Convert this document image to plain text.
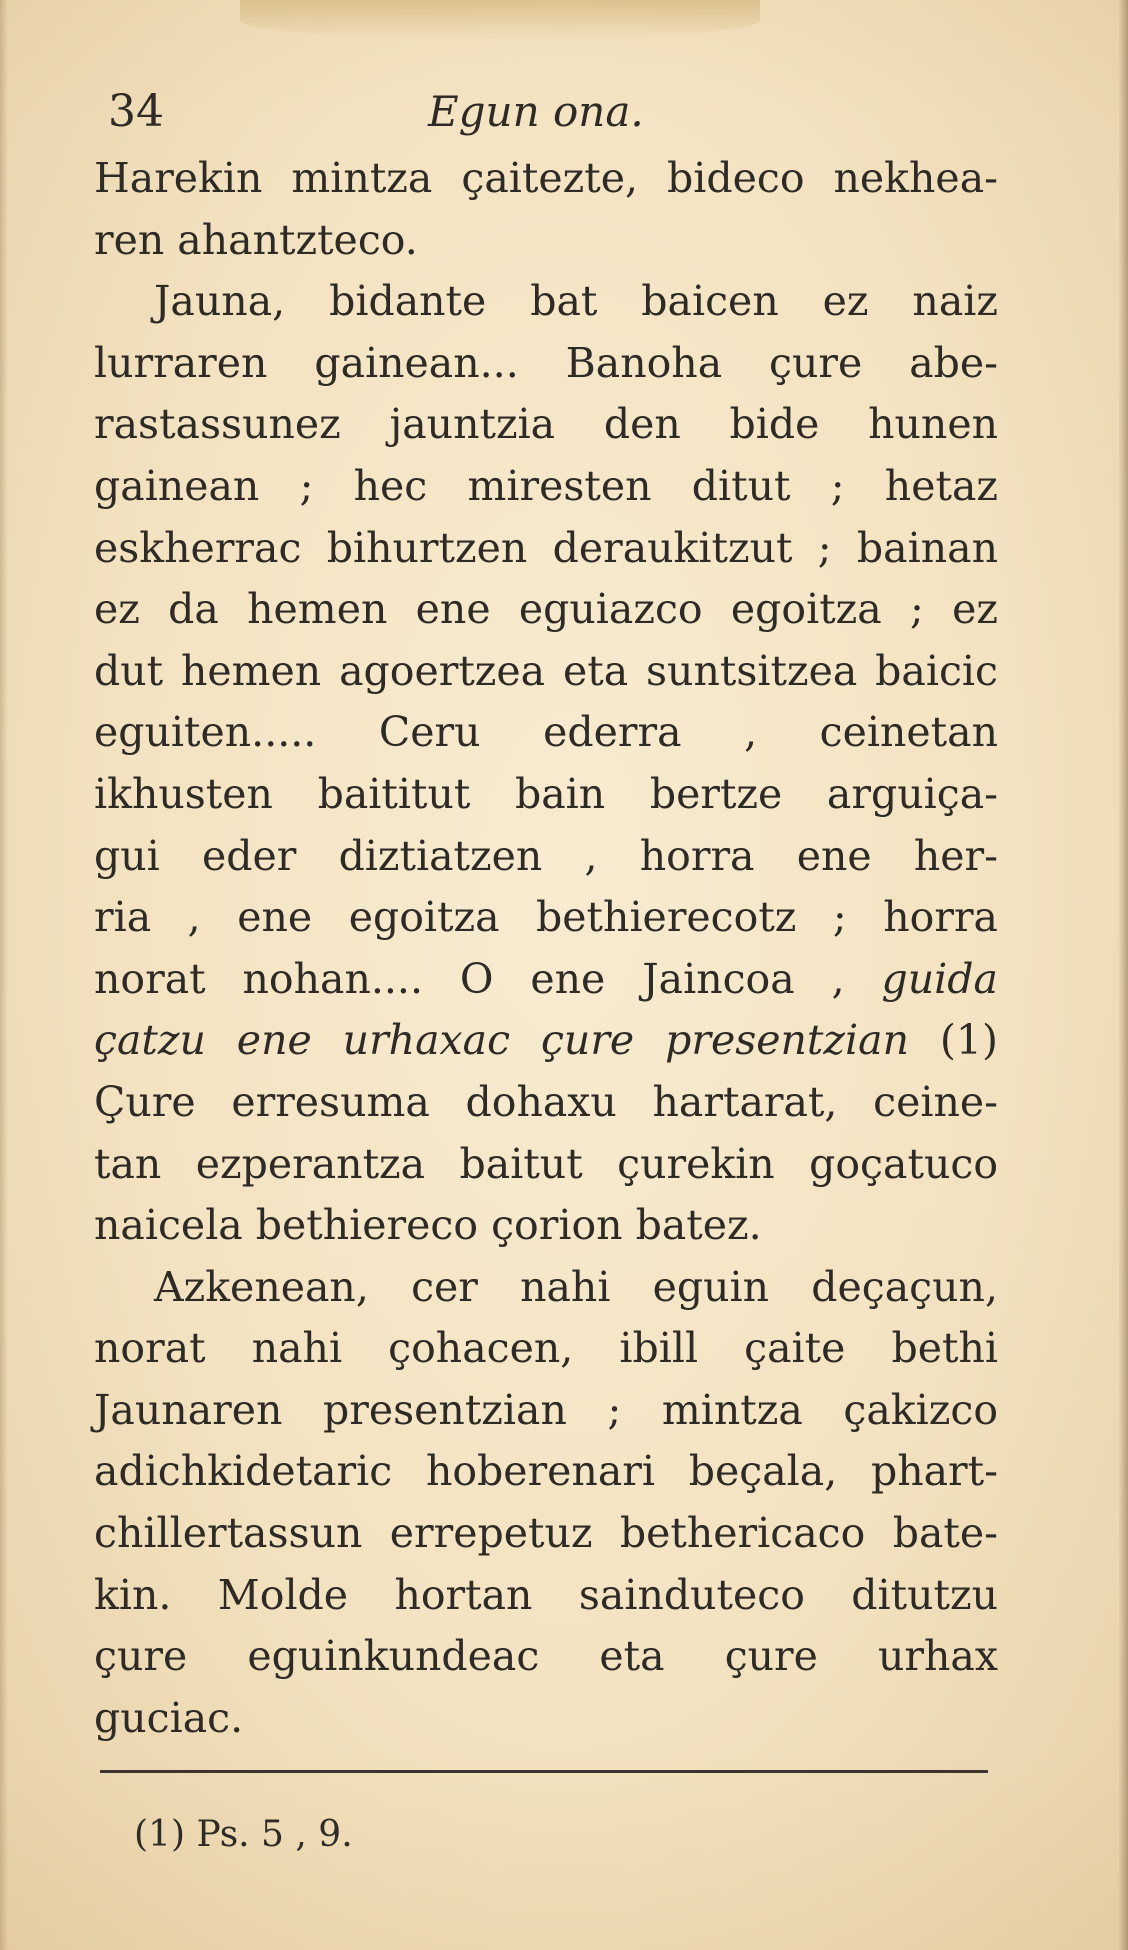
34	Egun ona.

Harekin mintza çaitezte, bideco nekhea-
ren ahantzteco.

Jauna, bidante bat baicen ez naiz
lurraren gainean... Banoha çure abe-
rastassunez jauntzia den bide hunen
gainean ; hec miresten ditut ; hetaz
eskherrac bihurtzen deraukitzut ; bainan
ez da hemen ene eguiazco egoitza ; ez
dut hemen agoertzea eta suntsitzea baicic
eguiten..... Ceru ederra , ceinetan
ikhusten baititut bain bertze arguiça-
gui eder diztiatzen , horra ene her-
ria , ene egoitza bethierecotz ; horra
norat nohan.... O ene Jaincoa , guida
çatzu ene urhaxac çure presentzian (1)
Çure erresuma dohaxu hartarat, ceine-
tan ezperantza baitut çurekin goçatuco
naicela bethiereco çorion batez.

Azkenean, cer nahi eguin deçaçun,
norat nahi çohacen, ibill çaite bethi
Jaunaren presentzian ; mintza çakizco
adichkidetaric hoberenari beçala, phart-
chillertassun errepetuz bethericaco bate-
kin. Molde hortan sainduteco ditutzu
çure eguinkundeac eta çure urhax
guciac.

(1) Ps. 5 , 9.
